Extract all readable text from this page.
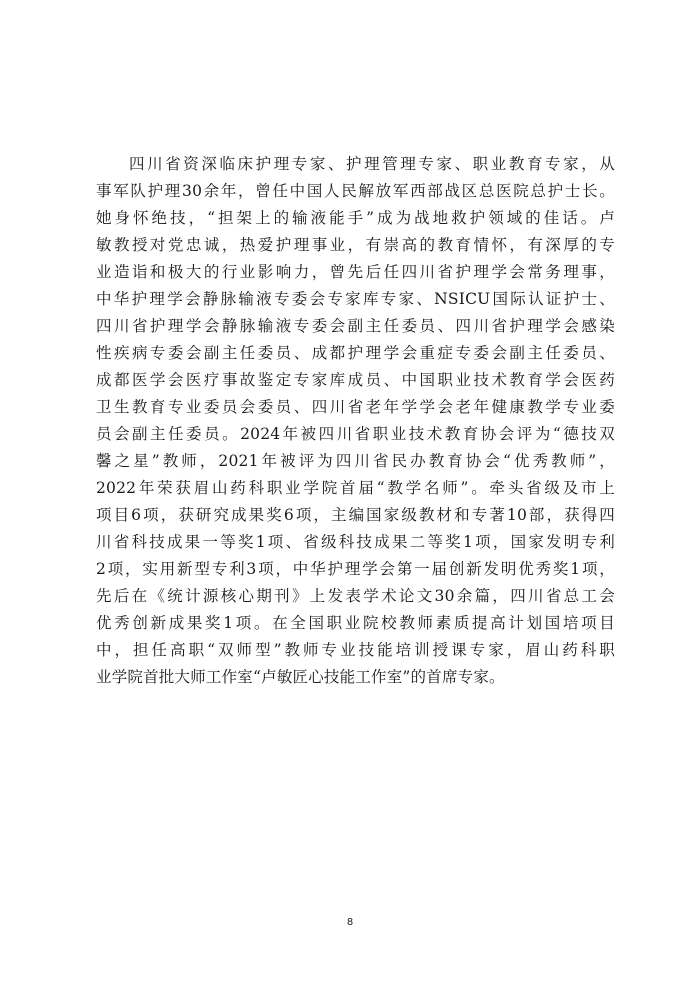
四川省资深临床护理专家、护理管理专家、职业教育专家，从
事军队护理30余年，曾任中国人民解放军西部战区总医院总护士长。
她身怀绝技，“担架上的输液能手”成为战地救护领域的佳话。卢
敏教授对党忠诚，热爱护理事业，有崇高的教育情怀，有深厚的专
业造诣和极大的行业影响力，曾先后任四川省护理学会常务理事，
中华护理学会静脉输液专委会专家库专家、NSICU国际认证护士、
四川省护理学会静脉输液专委会副主任委员、四川省护理学会感染
性疾病专委会副主任委员、成都护理学会重症专委会副主任委员、
成都医学会医疗事故鉴定专家库成员、中国职业技术教育学会医药
卫生教育专业委员会委员、四川省老年学学会老年健康教学专业委
员会副主任委员。2024年被四川省职业技术教育协会评为“德技双
馨之星”教师，2021年被评为四川省民办教育协会“优秀教师”，
2022年荣获眉山药科职业学院首届“教学名师”。牵头省级及市上
项目6项，获研究成果奖6项，主编国家级教材和专著10部，获得四
川省科技成果一等奖1项、省级科技成果二等奖1项，国家发明专利
2项，实用新型专利3项，中华护理学会第一届创新发明优秀奖1项，
先后在《统计源核心期刊》上发表学术论文30余篇，四川省总工会
优秀创新成果奖1项。在全国职业院校教师素质提高计划国培项目
中，担任高职“双师型”教师专业技能培训授课专家，眉山药科职
业学院首批大师工作室“卢敏匠心技能工作室”的首席专家。
8
